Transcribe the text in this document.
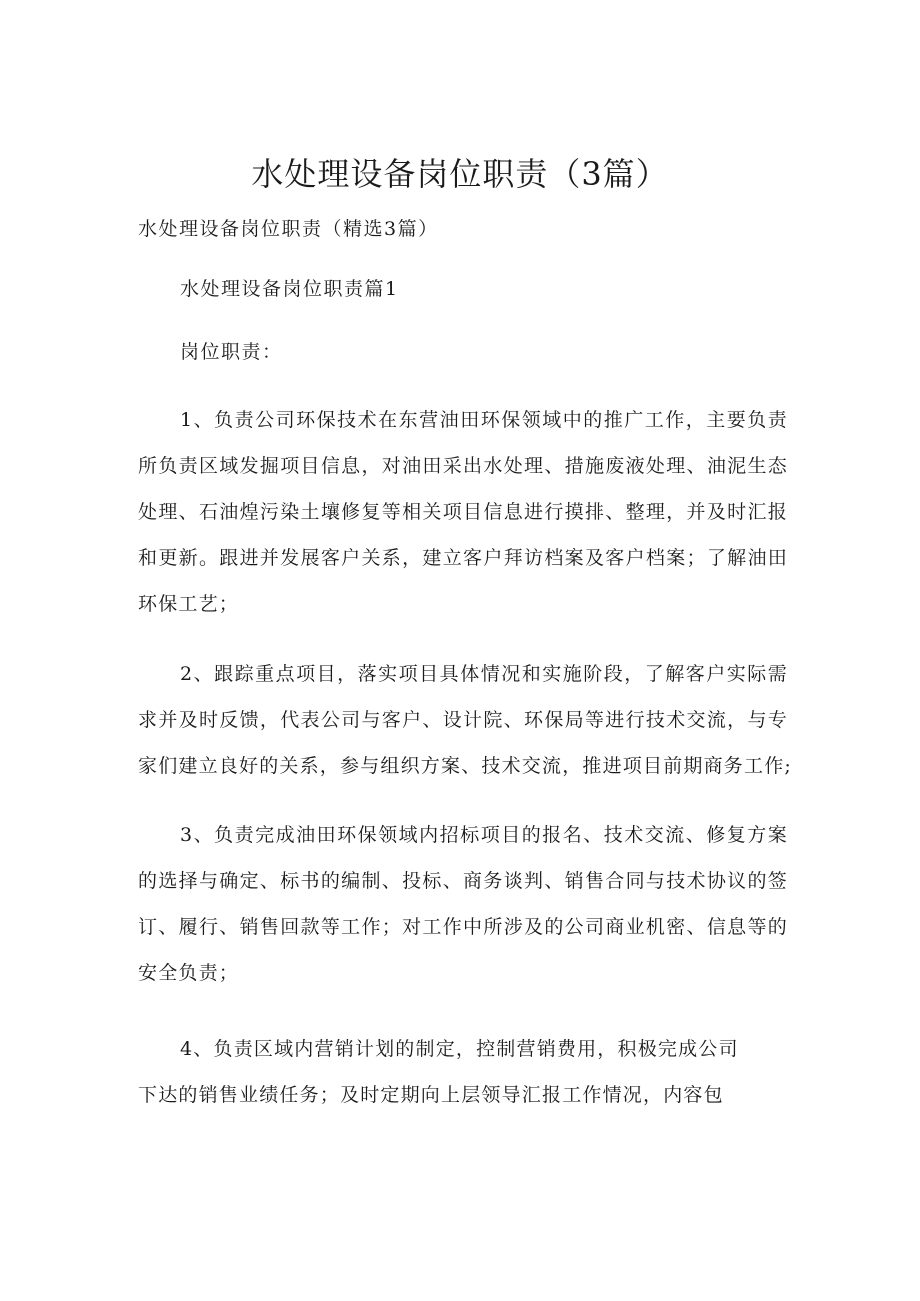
水处理设备岗位职责（3篇）

水处理设备岗位职责（精选3篇）

水处理设备岗位职责篇1

岗位职责：

1、负责公司环保技术在东营油田环保领域中的推广工作，主要负责
所负责区域发掘项目信息，对油田采出水处理、措施废液处理、油泥生态
处理、石油煌污染土壤修复等相关项目信息进行摸排、整理，并及时汇报
和更新。跟进并发展客户关系，建立客户拜访档案及客户档案；了解油田
环保工艺；
2、跟踪重点项目，落实项目具体情况和实施阶段，了解客户实际需
求并及时反馈，代表公司与客户、设计院、环保局等进行技术交流，与专
家们建立良好的关系，参与组织方案、技术交流，推进项目前期商务工作;
3、负责完成油田环保领域内招标项目的报名、技术交流、修复方案
的选择与确定、标书的编制、投标、商务谈判、销售合同与技术协议的签
订、履行、销售回款等工作；对工作中所涉及的公司商业机密、信息等的
安全负责；
4、负责区域内营销计划的制定，控制营销费用，积极完成公司
下达的销售业绩任务；及时定期向上层领导汇报工作情况，内容包
